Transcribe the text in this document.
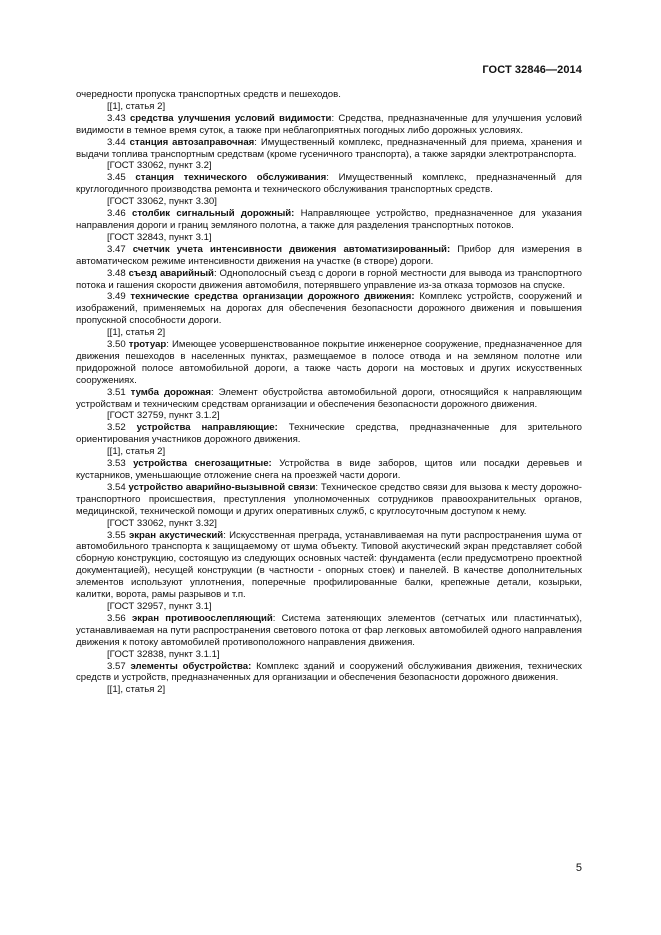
ГОСТ 32846—2014

очередности пропуска транспортных средств и пешеходов.

[[1], статья 2]

3.43 средства улучшения условий видимости: Средства, предназначенные для улучшения условий видимости в темное время суток, а также при неблагоприятных погодных либо дорожных условиях.

3.44 станция автозаправочная: Имущественный комплекс, предназначенный для приема, хранения и выдачи топлива транспортным средствам (кроме гусеничного транспорта), а также зарядки электротранспорта.

[ГОСТ 33062, пункт 3.2]

3.45 станция технического обслуживания: Имущественный комплекс, предназначенный для круглогодичного производства ремонта и технического обслуживания транспортных средств.

[ГОСТ 33062, пункт 3.30]

3.46 столбик сигнальный дорожный: Направляющее устройство, предназначенное для указания направления дороги и границ земляного полотна, а также для разделения транспортных потоков.

[ГОСТ 32843, пункт 3.1]

3.47 счетчик учета интенсивности движения автоматизированный: Прибор для измерения в автоматическом режиме интенсивности движения на участке (в створе) дороги.

3.48 съезд аварийный: Однополосный съезд с дороги в горной местности для вывода из транспортного потока и гашения скорости движения автомобиля, потерявшего управление из-за отказа тормозов на спуске.

3.49 технические средства организации дорожного движения: Комплекс устройств, сооружений и изображений, применяемых на дорогах для обеспечения безопасности дорожного движения и повышения пропускной способности дороги.

[[1], статья 2]

3.50 тротуар: Имеющее усовершенствованное покрытие инженерное сооружение, предназначенное для движения пешеходов в населенных пунктах, размещаемое в полосе отвода и на земляном полотне или придорожной полосе автомобильной дороги, а также часть дороги на мостовых и других искусственных сооружениях.

3.51 тумба дорожная: Элемент обустройства автомобильной дороги, относящийся к направляющим устройствам и техническим средствам организации и обеспечения безопасности дорожного движения.

[ГОСТ 32759, пункт 3.1.2]

3.52 устройства направляющие: Технические средства, предназначенные для зрительного ориентирования участников дорожного движения.

[[1], статья 2]

3.53 устройства снегозащитные: Устройства в виде заборов, щитов или посадки деревьев и кустарников, уменьшающие отложение снега на проезжей части дороги.

3.54 устройство аварийно-вызывной связи: Техническое средство связи для вызова к месту дорожно-транспортного происшествия, преступления уполномоченных сотрудников правоохранительных органов, медицинской, технической помощи и других оперативных служб, с круглосуточным доступом к нему.

[ГОСТ 33062, пункт 3.32]

3.55 экран акустический: Искусственная преграда, устанавливаемая на пути распространения шума от автомобильного транспорта к защищаемому от шума объекту. Типовой акустический экран представляет собой сборную конструкцию, состоящую из следующих основных частей: фундамента (если предусмотрено проектной документацией), несущей конструкции (в частности - опорных стоек) и панелей. В качестве дополнительных элементов используют уплотнения, поперечные профилированные балки, крепежные детали, козырьки, калитки, ворота, рамы разрывов и т.п.

[ГОСТ 32957, пункт 3.1]

3.56 экран противоослепляющий: Система затеняющих элементов (сетчатых или пластинчатых), устанавливаемая на пути распространения светового потока от фар легковых автомобилей одного направления движения к потоку автомобилей противоположного направления движения.

[ГОСТ 32838, пункт 3.1.1]

3.57 элементы обустройства: Комплекс зданий и сооружений обслуживания движения, технических средств и устройств, предназначенных для организации и обеспечения безопасности дорожного движения.

[[1], статья 2]

5
